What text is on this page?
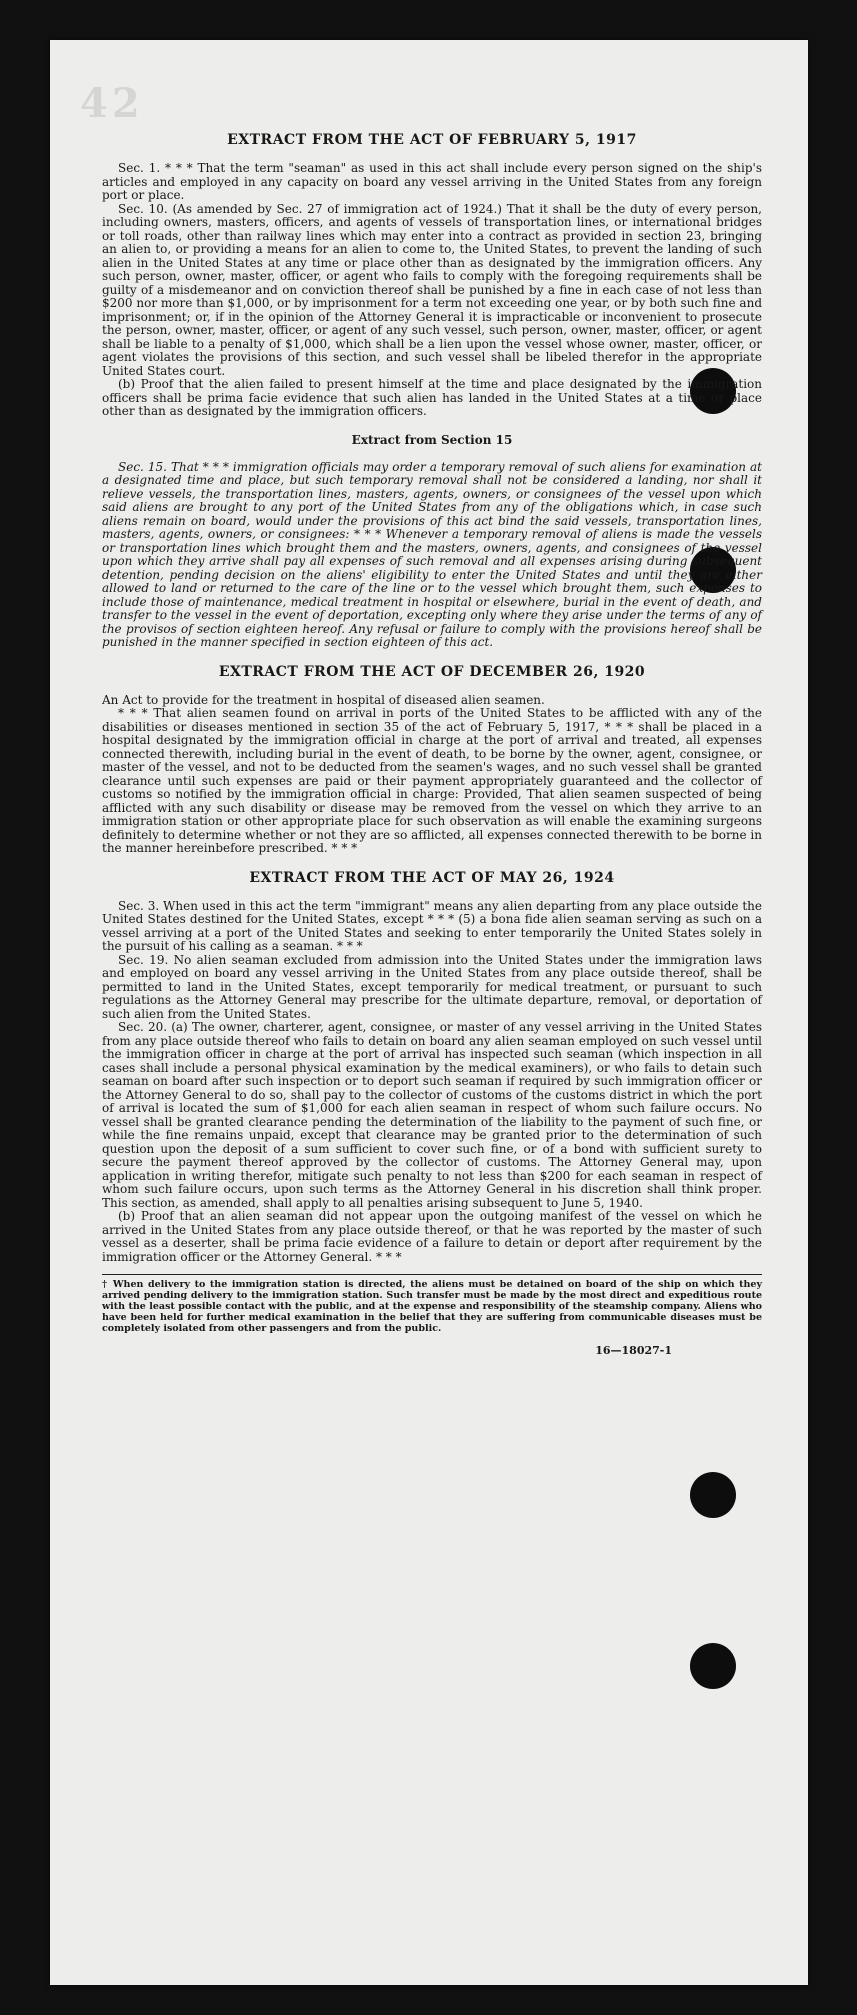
42
EXTRACT FROM THE ACT OF FEBRUARY 5, 1917

Sec. 1. * * * That the term "seaman" as used in this act shall include every person signed on the ship's articles and employed in any capacity on board any vessel arriving in the United States from any foreign port or place.

Sec. 10. (As amended by Sec. 27 of immigration act of 1924.) That it shall be the duty of every person, including owners, masters, officers, and agents of vessels of transportation lines, or international bridges or toll roads, other than railway lines which may enter into a contract as provided in section 23, bringing an alien to, or providing a means for an alien to come to, the United States, to prevent the landing of such alien in the United States at any time or place other than as designated by the immigration officers. Any such person, owner, master, officer, or agent who fails to comply with the foregoing requirements shall be guilty of a misdemeanor and on conviction thereof shall be punished by a fine in each case of not less than $200 nor more than $1,000, or by imprisonment for a term not exceeding one year, or by both such fine and imprisonment; or, if in the opinion of the Attorney General it is impracticable or inconvenient to prosecute the person, owner, master, officer, or agent of any such vessel, such person, owner, master, officer, or agent shall be liable to a penalty of $1,000, which shall be a lien upon the vessel whose owner, master, officer, or agent violates the provisions of this section, and such vessel shall be libeled therefor in the appropriate United States court.

(b) Proof that the alien failed to present himself at the time and place designated by the immigration officers shall be prima facie evidence that such alien has landed in the United States at a time or place other than as designated by the immigration officers.

Extract from Section 15

Sec. 15. That * * * immigration officials may order a temporary removal of such aliens for examination at a designated time and place, but such temporary removal shall not be considered a landing, nor shall it relieve vessels, the transportation lines, masters, agents, owners, or consignees of the vessel upon which said aliens are brought to any port of the United States from any of the obligations which, in case such aliens remain on board, would under the provisions of this act bind the said vessels, transportation lines, masters, agents, owners, or consignees: * * * Whenever a temporary removal of aliens is made the vessels or transportation lines which brought them and the masters, owners, agents, and consignees of the vessel upon which they arrive shall pay all expenses of such removal and all expenses arising during subsequent detention, pending decision on the aliens' eligibility to enter the United States and until they are either allowed to land or returned to the care of the line or to the vessel which brought them, such expenses to include those of maintenance, medical treatment in hospital or elsewhere, burial in the event of death, and transfer to the vessel in the event of deportation, excepting only where they arise under the terms of any of the provisos of section eighteen hereof. Any refusal or failure to comply with the provisions hereof shall be punished in the manner specified in section eighteen of this act.

EXTRACT FROM THE ACT OF DECEMBER 26, 1920

An Act to provide for the treatment in hospital of diseased alien seamen.

* * * That alien seamen found on arrival in ports of the United States to be afflicted with any of the disabilities or diseases mentioned in section 35 of the act of February 5, 1917, * * * shall be placed in a hospital designated by the immigration official in charge at the port of arrival and treated, all expenses connected therewith, including burial in the event of death, to be borne by the owner, agent, consignee, or master of the vessel, and not to be deducted from the seamen's wages, and no such vessel shall be granted clearance until such expenses are paid or their payment appropriately guaranteed and the collector of customs so notified by the immigration official in charge: Provided, That alien seamen suspected of being afflicted with any such disability or disease may be removed from the vessel on which they arrive to an immigration station or other appropriate place for such observation as will enable the examining surgeons definitely to determine whether or not they are so afflicted, all expenses connected therewith to be borne in the manner hereinbefore prescribed. * * *

EXTRACT FROM THE ACT OF MAY 26, 1924

Sec. 3. When used in this act the term "immigrant" means any alien departing from any place outside the United States destined for the United States, except * * * (5) a bona fide alien seaman serving as such on a vessel arriving at a port of the United States and seeking to enter temporarily the United States solely in the pursuit of his calling as a seaman. * * *

Sec. 19. No alien seaman excluded from admission into the United States under the immigration laws and employed on board any vessel arriving in the United States from any place outside thereof, shall be permitted to land in the United States, except temporarily for medical treatment, or pursuant to such regulations as the Attorney General may prescribe for the ultimate departure, removal, or deportation of such alien from the United States.

Sec. 20. (a) The owner, charterer, agent, consignee, or master of any vessel arriving in the United States from any place outside thereof who fails to detain on board any alien seaman employed on such vessel until the immigration officer in charge at the port of arrival has inspected such seaman (which inspection in all cases shall include a personal physical examination by the medical examiners), or who fails to detain such seaman on board after such inspection or to deport such seaman if required by such immigration officer or the Attorney General to do so, shall pay to the collector of customs of the customs district in which the port of arrival is located the sum of $1,000 for each alien seaman in respect of whom such failure occurs. No vessel shall be granted clearance pending the determination of the liability to the payment of such fine, or while the fine remains unpaid, except that clearance may be granted prior to the determination of such question upon the deposit of a sum sufficient to cover such fine, or of a bond with sufficient surety to secure the payment thereof approved by the collector of customs. The Attorney General may, upon application in writing therefor, mitigate such penalty to not less than $200 for each seaman in respect of whom such failure occurs, upon such terms as the Attorney General in his discretion shall think proper. This section, as amended, shall apply to all penalties arising subsequent to June 5, 1940.

(b) Proof that an alien seaman did not appear upon the outgoing manifest of the vessel on which he arrived in the United States from any place outside thereof, or that he was reported by the master of such vessel as a deserter, shall be prima facie evidence of a failure to detain or deport after requirement by the immigration officer or the Attorney General. * * *

† When delivery to the immigration station is directed, the aliens must be detained on board of the ship on which they arrived pending delivery to the immigration station. Such transfer must be made by the most direct and expeditious route with the least possible contact with the public, and at the expense and responsibility of the steamship company. Aliens who have been held for further medical examination in the belief that they are suffering from communicable diseases must be completely isolated from other passengers and from the public.

16—18027-1
